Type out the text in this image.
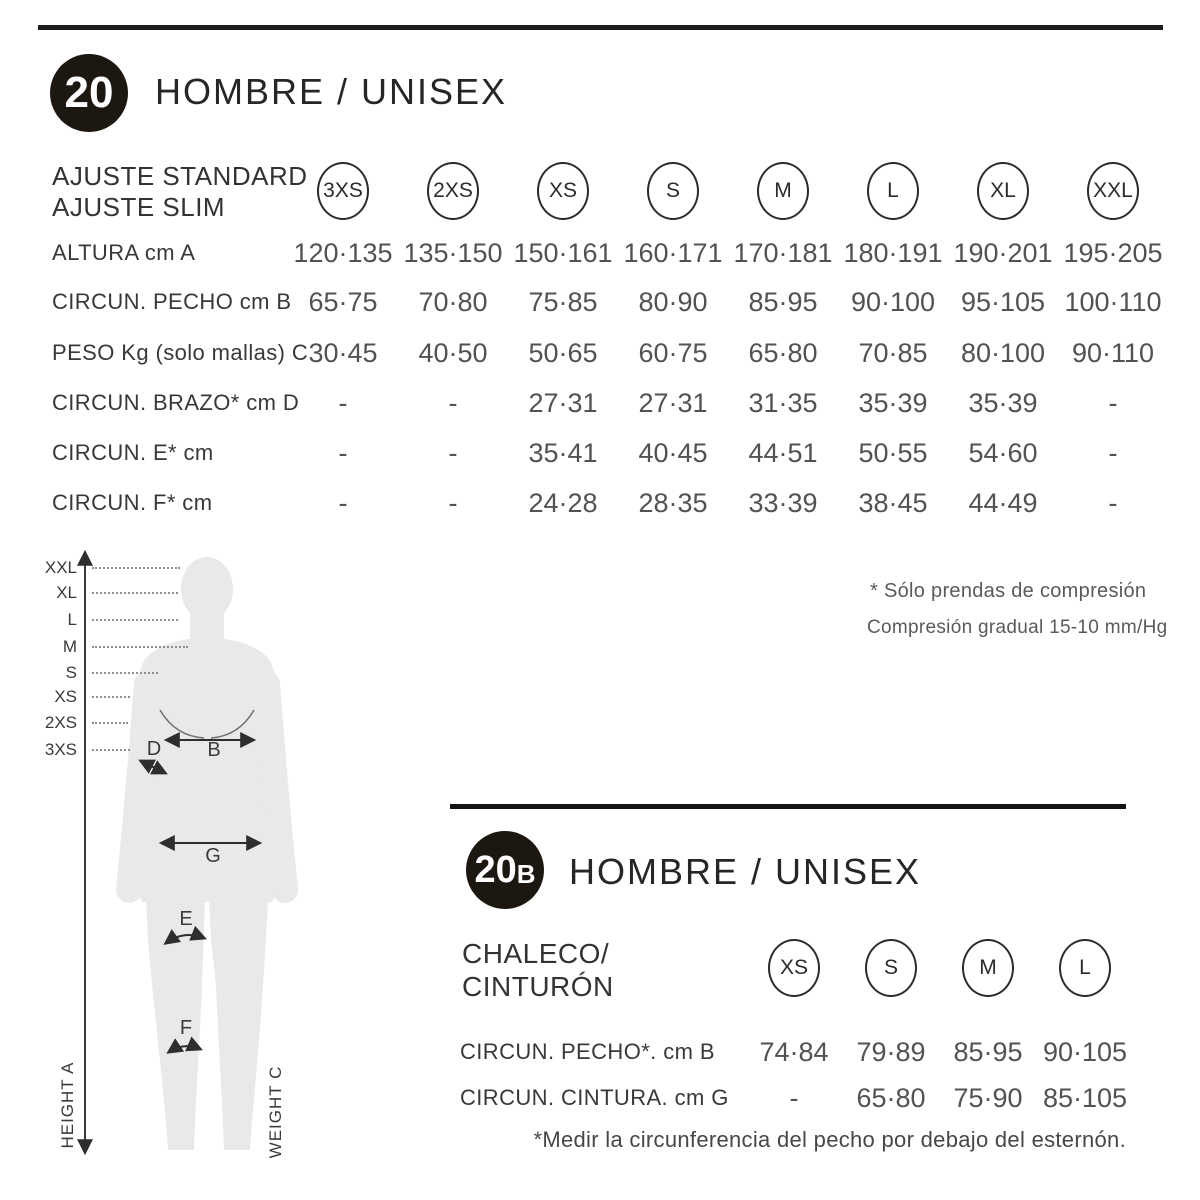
20 HOMBRE / UNISEX
AJUSTE STANDARD
AJUSTE SLIM
D B
G
E
F
HEIGHT A	WEIGHT C
* Sólo prendas de compresión
Compresión gradual 15-10 mm/Hg
20 B HOMBRE / UNISEX
CHALECO/
CINTURÓN
*Medir la circunferencia del pecho por debajo del esternón.
3XS	2XS	XS	S	M	L	XL	XXL
ALTURA cm A	120·135 135·150 150·161 160·171 170·181 180·191 190·201 195·205
CIRCUN. PECHO cm B 65·75 70·80 75·85 80·90 85·95 90·100 95·105 100·110
PESO Kg (solo mallas) C 30·45 40·50 50·65 60·75 65·80 70·85 80·100 90·110
CIRCUN. BRAZO* cm D -	-	27·31 27·31 31·35 35·39 35·39	-
CIRCUN. E* cm	-	-	35·41 40·45 44·51 50·55 54·60	-
CIRCUN. F* cm	-	-	24·28 28·35 33·39 38·45 44·49	-
XXL
XL
L
M
S
XS
2XS
3XS
XS	S	M	L
CIRCUN. PECHO*. cm B 74·84 79·89 85·95 90·105
CIRCUN. CINTURA. cm G - 65·80 75·90 85·105
